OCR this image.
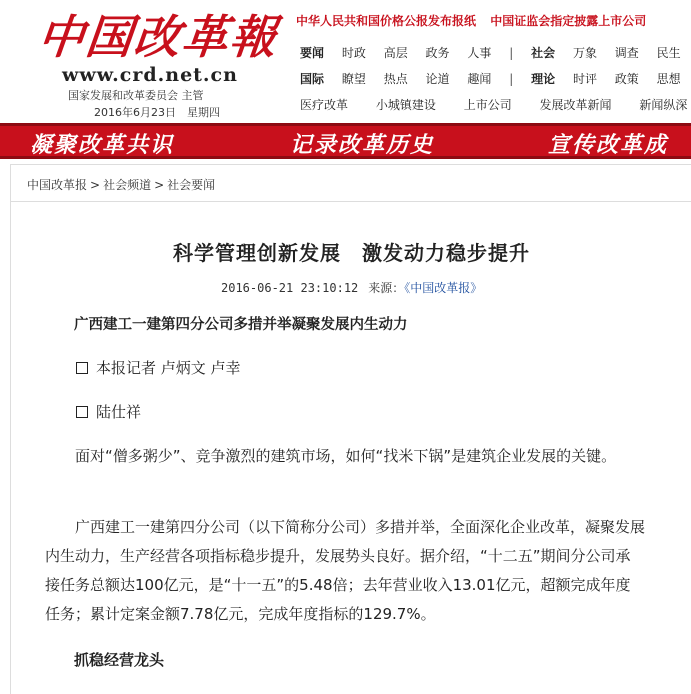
中国改革報
www.crd.net.cn
国家发展和改革委员会 主管
2016年6月23日　星期四
中华人民共和国价格公报发布报纸 中国证监会指定披露上市公司
要闻 时政 高层 政务 人事 | 社会 万象 调查 民生
国际 瞭望 热点 论道 趣闻 | 理论 时评 政策 思想
医疗改革 小城镇建设 上市公司 发展改革新闻 新闻纵深
凝聚改革共识	记录改革历史	宣传改革成
中国改革报 > 社会频道 > 社会要闻
科学管理创新发展　激发动力稳步提升
2016-06-21 23:10:12 来源：《中国改革报》
广西建工一建第四分公司多措并举凝聚发展内生动力
本报记者 卢炳文 卢幸
陆仕祥

面对“僧多粥少”、竞争激烈的建筑市场，如何“找米下锅”是建筑企业发展的关键。

广西建工一建第四分公司（以下简称分公司）多措并举，全面深化企业改革，凝聚发展内生动力，生产经营各项指标稳步提升，发展势头良好。据介绍，“十二五”期间分公司承接任务总额达100亿元，是“十一五”的5.48倍；去年营业收入13.01亿元，超额完成年度任务；累计定案金额7.78亿元，完成年度指标的129.7%。

抓稳经营龙头
